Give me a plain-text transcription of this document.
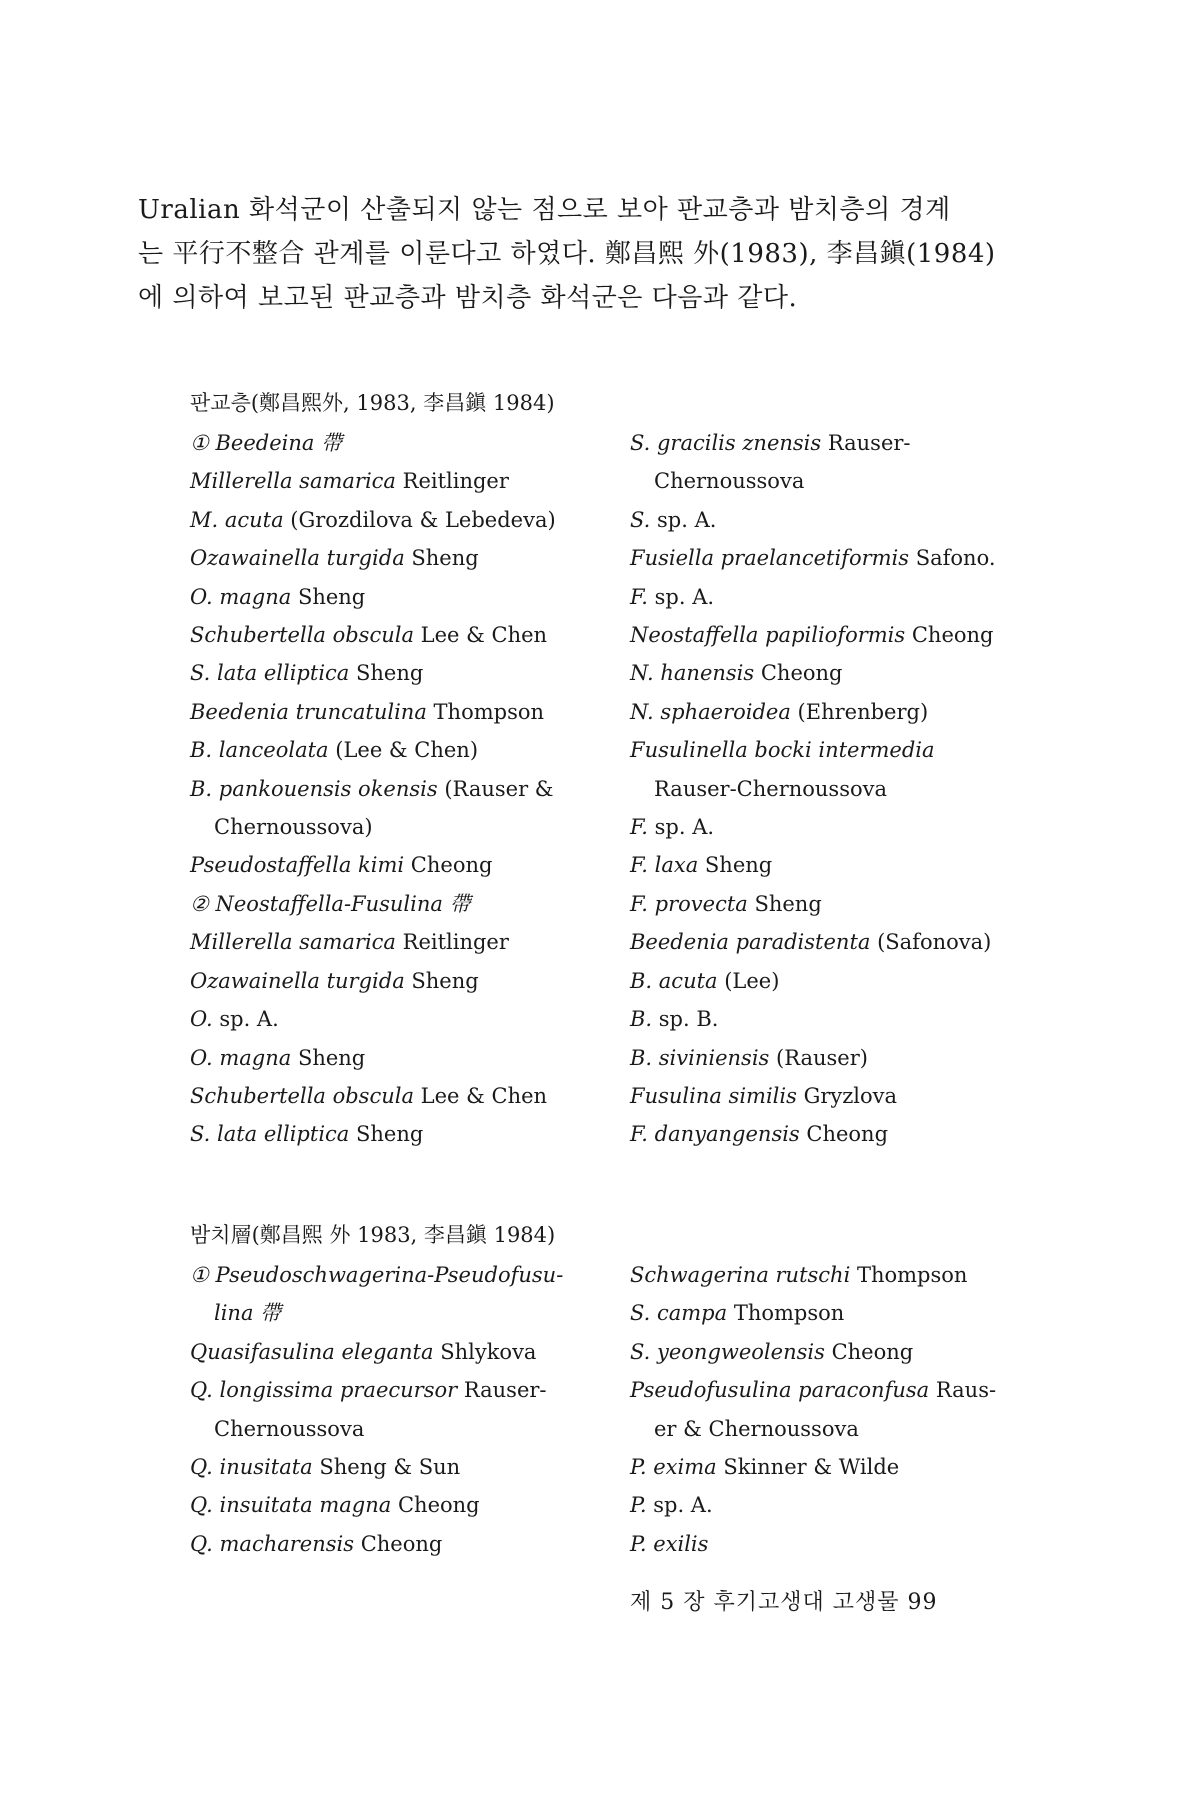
Uralian 화석군이 산출되지 않는 점으로 보아 판교층과 밤치층의 경계

는 平行不整合 관계를 이룬다고 하였다. 鄭昌熙 外(1983), 李昌鎭(1984)

에 의하여 보고된 판교층과 밤치층 화석군은 다음과 같다.

판교층(鄭昌熙外, 1983, 李昌鎭 1984)
① Beedeina 帶
Millerella samarica Reitlinger
M. acuta (Grozdilova & Lebedeva)
Ozawainella turgida Sheng
O. magna Sheng
Schubertella obscula Lee & Chen
S. lata elliptica Sheng
Beedenia truncatulina Thompson
B. lanceolata (Lee & Chen)
B. pankouensis okensis (Rauser &
Chernoussova)
Pseudostaffella kimi Cheong
② Neostaffella-Fusulina 帶
Millerella samarica Reitlinger
Ozawainella turgida Sheng
O. sp. A.
O. magna Sheng
Schubertella obscula Lee & Chen
S. lata elliptica Sheng
S. gracilis znensis Rauser-
Chernoussova
S. sp. A.
Fusiella praelancetiformis Safono.
F. sp. A.
Neostaffella papilioformis Cheong
N. hanensis Cheong
N. sphaeroidea (Ehrenberg)
Fusulinella bocki intermedia
Rauser-Chernoussova
F. sp. A.
F. laxa Sheng
F. provecta Sheng
Beedenia paradistenta (Safonova)
B. acuta (Lee)
B. sp. B.
B. siviniensis (Rauser)
Fusulina similis Gryzlova
F. danyangensis Cheong
밤치層(鄭昌熙 外 1983, 李昌鎭 1984)
① Pseudoschwagerina-Pseudofusu-
lina 帶
Quasifasulina eleganta Shlykova
Q. longissima praecursor Rauser-
Chernoussova
Q. inusitata Sheng & Sun
Q. insuitata magna Cheong
Q. macharensis Cheong
Schwagerina rutschi Thompson
S. campa Thompson
S. yeongweolensis Cheong
Pseudofusulina paraconfusa Raus-
er & Chernoussova
P. exima Skinner & Wilde
P. sp. A.
P. exilis
제 5 장 후기고생대 고생물 99
